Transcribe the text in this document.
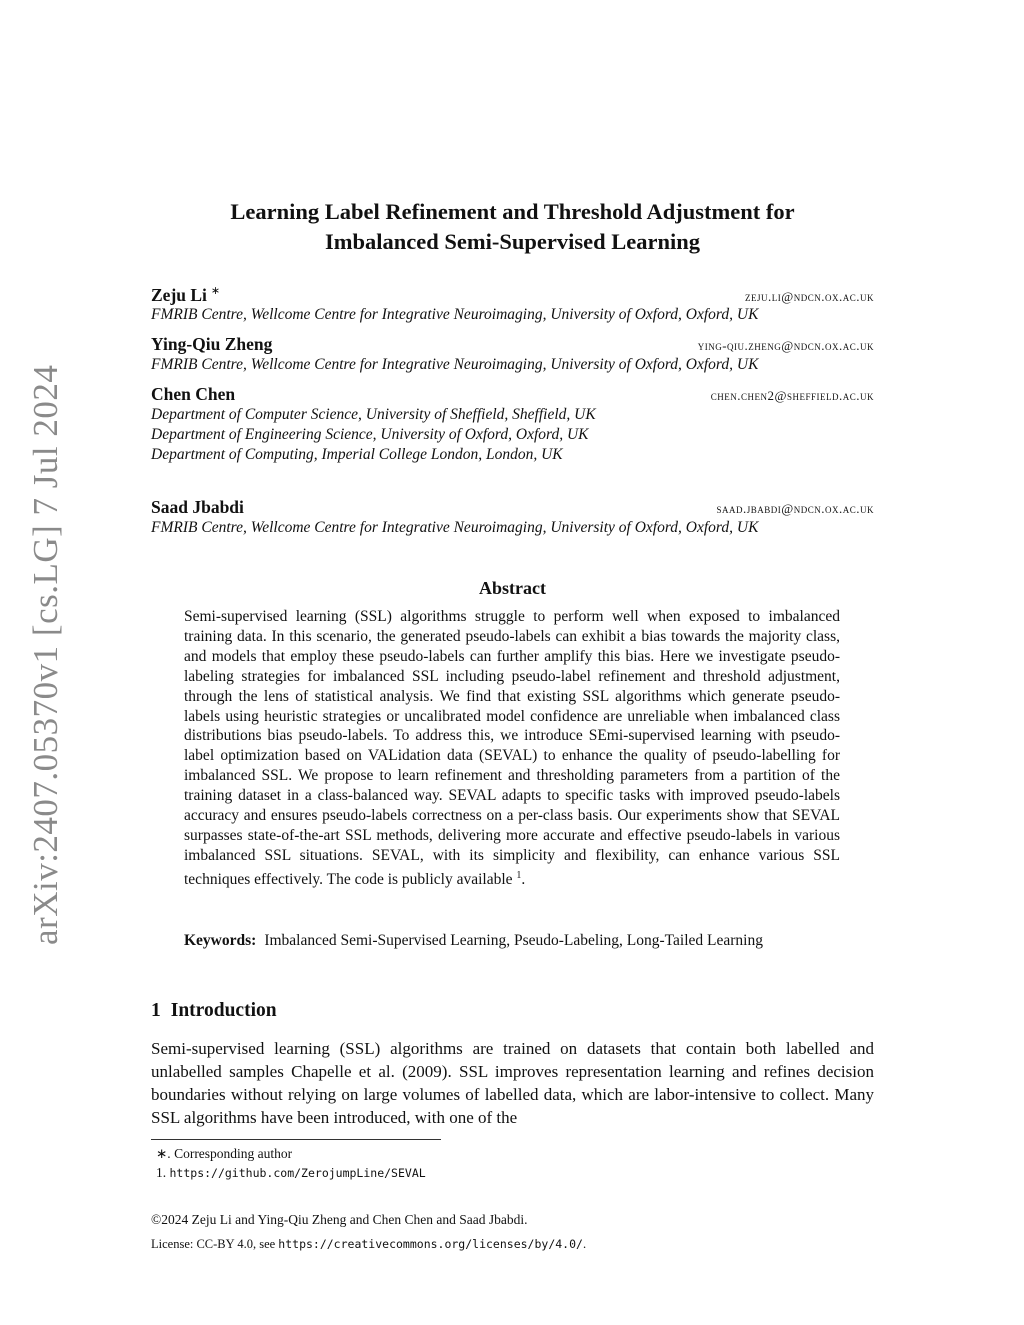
arXiv:2407.05370v1 [cs.LG] 7 Jul 2024
Learning Label Refinement and Threshold Adjustment for
Imbalanced Semi-Supervised Learning
Zeju Li ∗	zeju.li@ndcn.ox.ac.uk
FMRIB Centre, Wellcome Centre for Integrative Neuroimaging, University of Oxford, Oxford, UK
Ying-Qiu Zheng	ying-qiu.zheng@ndcn.ox.ac.uk
FMRIB Centre, Wellcome Centre for Integrative Neuroimaging, University of Oxford, Oxford, UK
Chen Chen	chen.chen2@sheffield.ac.uk
Department of Computer Science, University of Sheffield, Sheffield, UK
Department of Engineering Science, University of Oxford, Oxford, UK
Department of Computing, Imperial College London, London, UK
Saad Jbabdi	saad.jbabdi@ndcn.ox.ac.uk
FMRIB Centre, Wellcome Centre for Integrative Neuroimaging, University of Oxford, Oxford, UK
Abstract
Semi-supervised learning (SSL) algorithms struggle to perform well when exposed to imbalanced training data. In this scenario, the generated pseudo-labels can exhibit a bias towards the majority class, and models that employ these pseudo-labels can further amplify this bias. Here we investigate pseudo-labeling strategies for imbalanced SSL including pseudo-label refinement and threshold adjustment, through the lens of statistical analysis. We find that existing SSL algorithms which generate pseudo-labels using heuristic strategies or uncalibrated model confidence are unreliable when imbalanced class distributions bias pseudo-labels. To address this, we introduce SEmi-supervised learning with pseudo-label optimization based on VALidation data (SEVAL) to enhance the quality of pseudo-labelling for imbalanced SSL. We propose to learn refinement and thresholding parameters from a partition of the training dataset in a class-balanced way. SEVAL adapts to specific tasks with improved pseudo-labels accuracy and ensures pseudo-labels correctness on a per-class basis. Our experiments show that SEVAL surpasses state-of-the-art SSL methods, delivering more accurate and effective pseudo-labels in various imbalanced SSL situations. SEVAL, with its simplicity and flexibility, can enhance various SSL techniques effectively. The code is publicly available $^1$.
Keywords: Imbalanced Semi-Supervised Learning, Pseudo-Labeling, Long-Tailed Learning
1 Introduction
Semi-supervised learning (SSL) algorithms are trained on datasets that contain both labelled and unlabelled samples Chapelle et al. (2009). SSL improves representation learning and refines decision boundaries without relying on large volumes of labelled data, which are labor-intensive to collect. Many SSL algorithms have been introduced, with one of the
∗. Corresponding author
1. https://github.com/ZerojumpLine/SEVAL
©2024 Zeju Li and Ying-Qiu Zheng and Chen Chen and Saad Jbabdi.
License: CC-BY 4.0, see https://creativecommons.org/licenses/by/4.0/.
